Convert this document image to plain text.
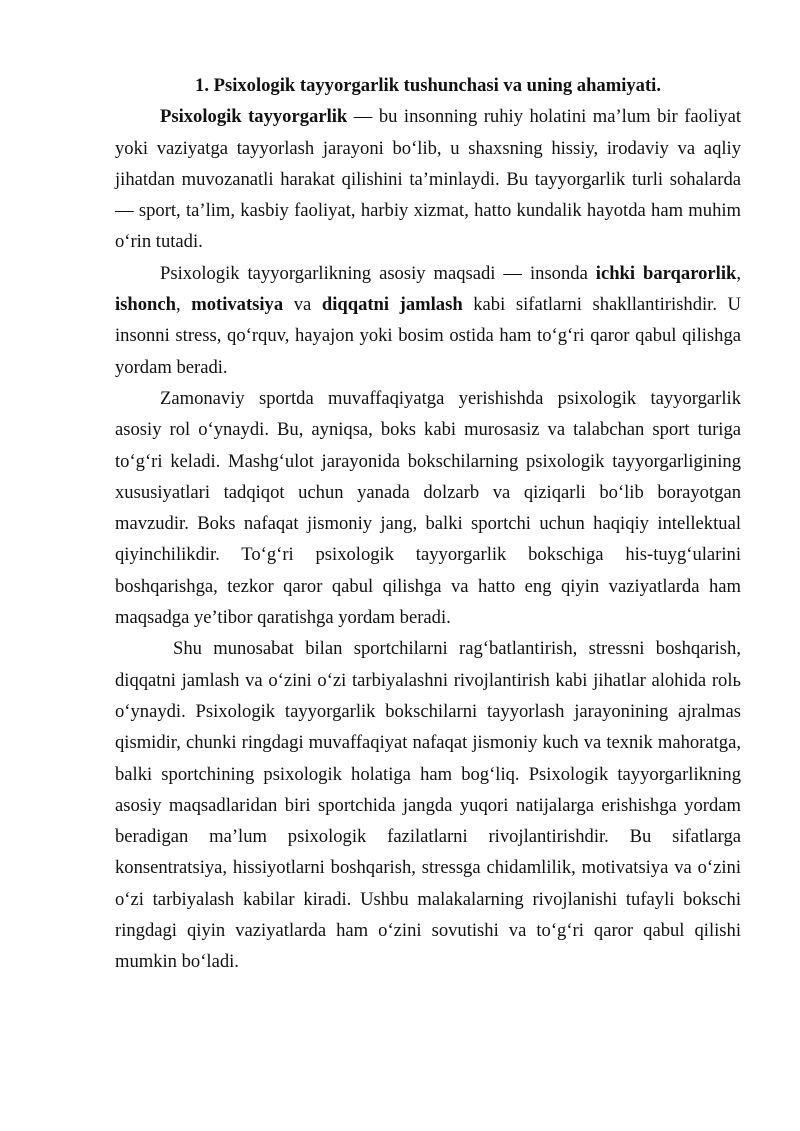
1. Psixologik tayyorgarlik tushunchasi va uning ahamiyati.

Psixologik tayyorgarlik — bu insonning ruhiy holatini ma’lum bir faoliyat yoki vaziyatga tayyorlash jarayoni bo‘lib, u shaxsning hissiy, irodaviy va aqliy jihatdan muvozanatli harakat qilishini ta’minlaydi. Bu tayyorgarlik turli sohalarda — sport, ta’lim, kasbiy faoliyat, harbiy xizmat, hatto kundalik hayotda ham muhim o‘rin tutadi.

Psixologik tayyorgarlikning asosiy maqsadi — insonda ichki barqarorlik, ishonch, motivatsiya va diqqatni jamlash kabi sifatlarni shakllantirishdir. U insonni stress, qo‘rquv, hayajon yoki bosim ostida ham to‘g‘ri qaror qabul qilishga yordam beradi.

Zamonaviy sportda muvaffaqiyatga yerishishda psixologik tayyorgarlik asosiy rol o‘ynaydi. Bu, ayniqsa, boks kabi murosasiz va talabchan sport turiga to‘g‘ri keladi. Mashg‘ulot jarayonida bokschilarning psixologik tayyorgarligining xususiyatlari tadqiqot uchun yanada dolzarb va qiziqarli bo‘lib borayotgan mavzudir. Boks nafaqat jismoniy jang, balki sportchi uchun haqiqiy intellektual qiyinchilikdir. To‘g‘ri psixologik tayyorgarlik bokschiga his-tuyg‘ularini boshqarishga, tezkor qaror qabul qilishga va hatto eng qiyin vaziyatlarda ham maqsadga ye’tibor qaratishga yordam beradi.

Shu munosabat bilan sportchilarni rag‘batlantirish, stressni boshqarish, diqqatni jamlash va o‘zini o‘zi tarbiyalashni rivojlantirish kabi jihatlar alohida rolь o‘ynaydi. Psixologik tayyorgarlik bokschilarni tayyorlash jarayonining ajralmas qismidir, chunki ringdagi muvaffaqiyat nafaqat jismoniy kuch va texnik mahoratga, balki sportchining psixologik holatiga ham bog‘liq. Psixologik tayyorgarlikning asosiy maqsadlaridan biri sportchida jangda yuqori natijalarga erishishga yordam beradigan ma’lum psixologik fazilatlarni rivojlantirishdir. Bu sifatlarga konsentratsiya, hissiyotlarni boshqarish, stressga chidamlilik, motivatsiya va o‘zini o‘zi tarbiyalash kabilar kiradi. Ushbu malakalarning rivojlanishi tufayli bokschi ringdagi qiyin vaziyatlarda ham o‘zini sovutishi va to‘g‘ri qaror qabul qilishi mumkin bo‘ladi.
